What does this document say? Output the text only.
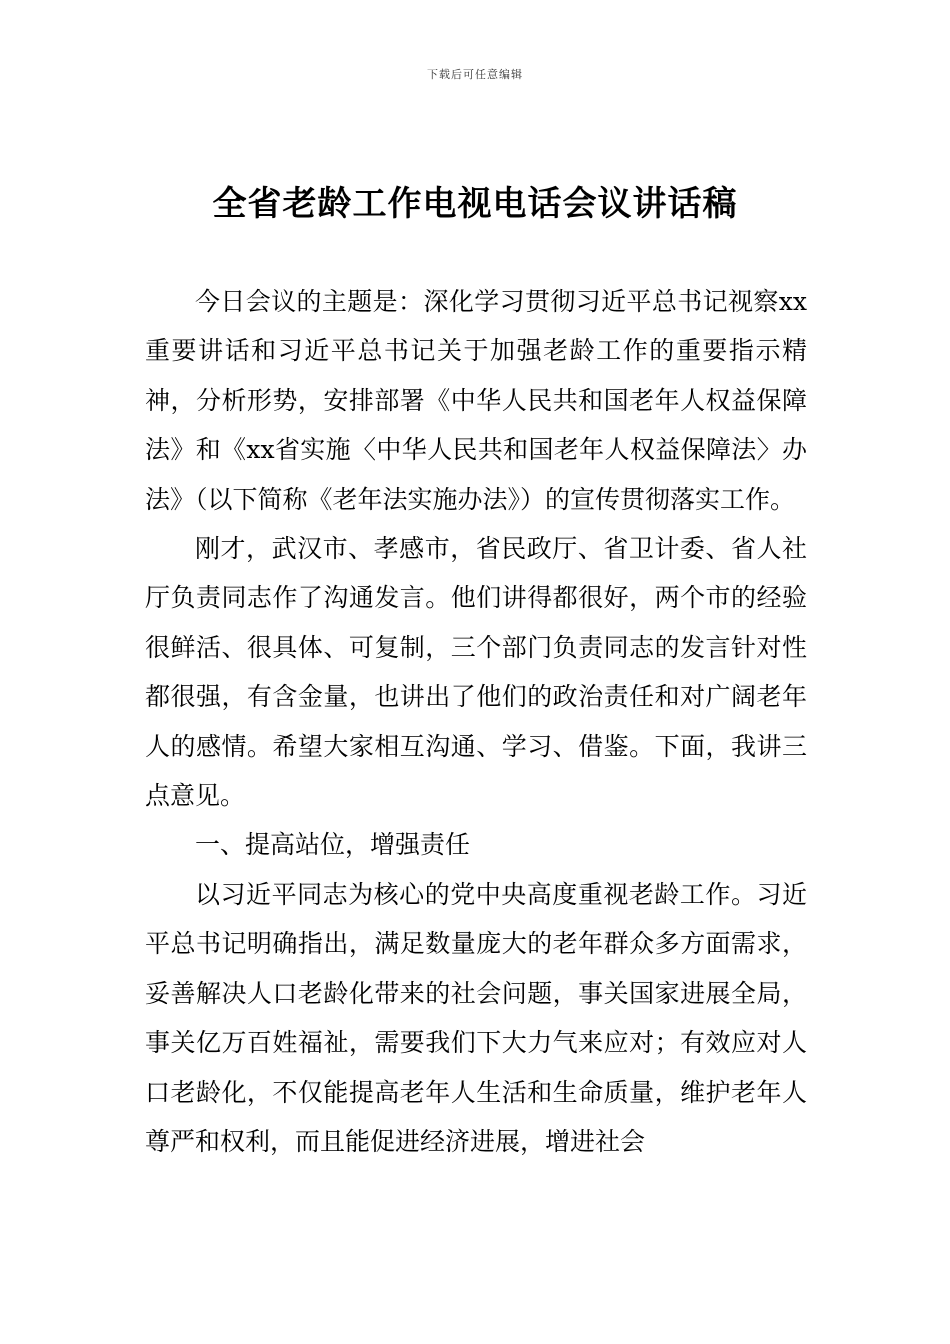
下载后可任意编辑
全省老龄工作电视电话会议讲话稿

今日会议的主题是：深化学习贯彻习近平总书记视察xx重要讲话和习近平总书记关于加强老龄工作的重要指示精神，分析形势，安排部署《中华人民共和国老年人权益保障法》和《xx省实施〈中华人民共和国老年人权益保障法〉办法》（以下简称《老年法实施办法》）的宣传贯彻落实工作。

刚才，武汉市、孝感市，省民政厅、省卫计委、省人社厅负责同志作了沟通发言。他们讲得都很好，两个市的经验很鲜活、很具体、可复制，三个部门负责同志的发言针对性都很强，有含金量，也讲出了他们的政治责任和对广阔老年人的感情。希望大家相互沟通、学习、借鉴。下面，我讲三点意见。

一、提高站位，增强责任

以习近平同志为核心的党中央高度重视老龄工作。习近平总书记明确指出，满足数量庞大的老年群众多方面需求，妥善解决人口老龄化带来的社会问题，事关国家进展全局，事关亿万百姓福祉，需要我们下大力气来应对；有效应对人口老龄化，不仅能提高老年人生活和生命质量，维护老年人尊严和权利，而且能促进经济进展，增进社会
